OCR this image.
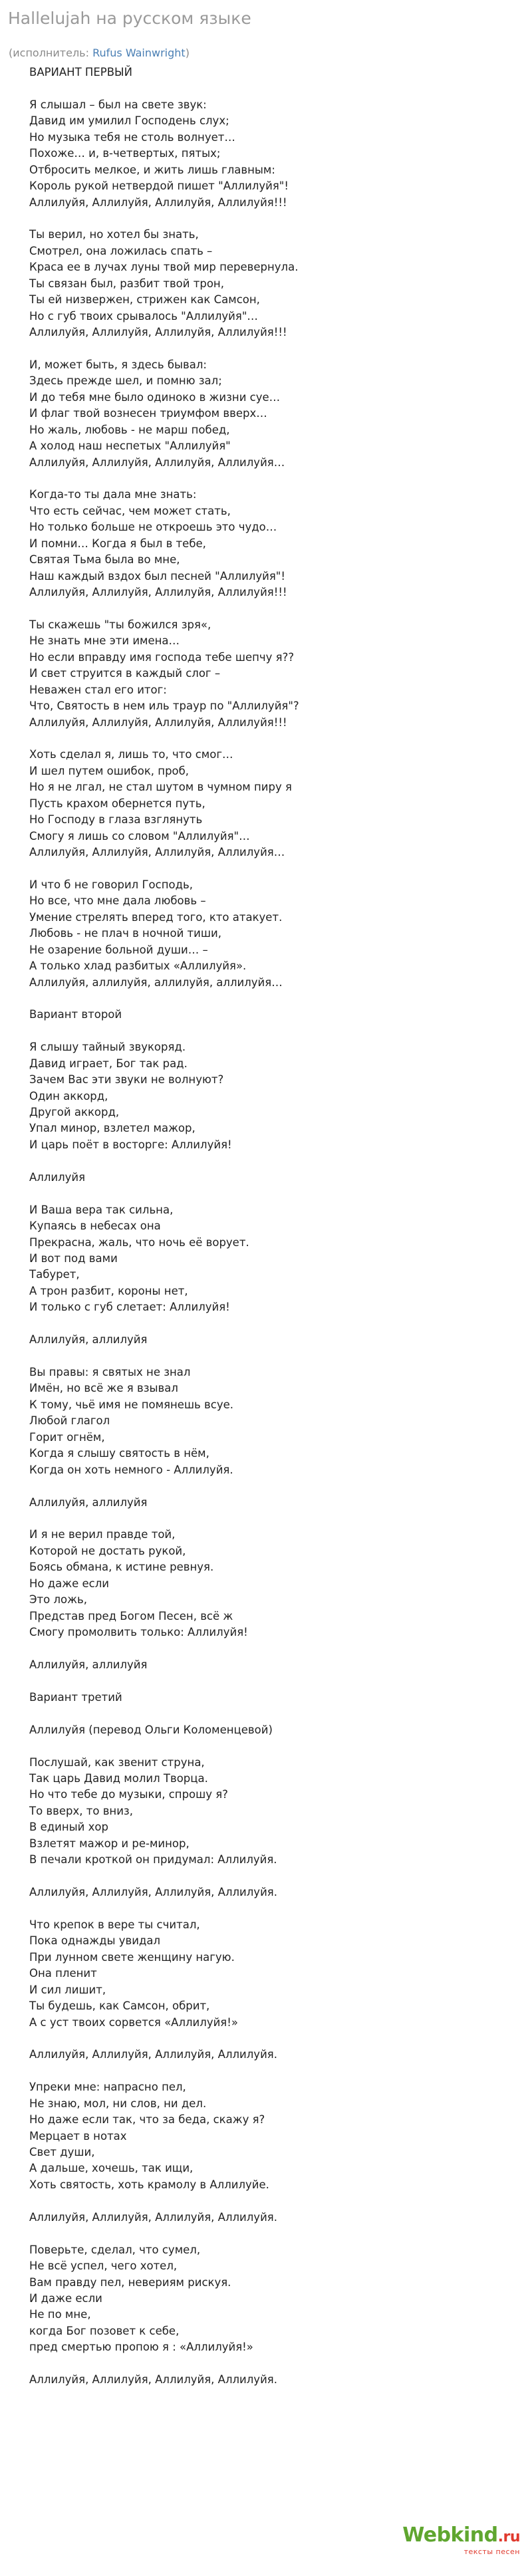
Hallelujah на русском языке
(исполнитель: Rufus Wainwright)
ВАРИАНТ ПЕРВЫЙ
Я слышал – был на свете звук:
Давид им умилил Господень слух;
Но музыка тебя не столь волнует…
Похоже… и, в-четвертых, пятых;
Отбросить мелкое, и жить лишь главным:
Король рукой нетвердой пишет "Аллилуйя"!
Аллилуйя, Аллилуйя, Аллилуйя, Аллилуйя!!!
Ты верил, но хотел бы знать,
Смотрел, она ложилась спать –
Краса ее в лучах луны твой мир перевернула.
Ты связан был, разбит твой трон,
Ты ей низвержен, стрижен как Самсон,
Но с губ твоих срывалось "Аллилуйя"…
Аллилуйя, Аллилуйя, Аллилуйя, Аллилуйя!!!
И, может быть, я здесь бывал:
Здесь прежде шел, и помню зал;
И до тебя мне было одиноко в жизни суе…
И флаг твой вознесен триумфом вверх…
Но жаль, любовь - не марш побед,
А холод наш неспетых "Аллилуйя"
Аллилуйя, Аллилуйя, Аллилуйя, Аллилуйя…
Когда-то ты дала мне знать:
Что есть сейчас, чем может стать,
Но только больше не откроешь это чудо…
И помни… Когда я был в тебе,
Святая Тьма была во мне,
Наш каждый вздох был песней "Аллилуйя"!
Аллилуйя, Аллилуйя, Аллилуйя, Аллилуйя!!!
Ты скажешь "ты божился зря«,
Не знать мне эти имена…
Но если вправду имя господа тебе шепчу я??
И свет струится в каждый слог –
Неважен стал его итог:
Что, Святость в нем иль траур по "Аллилуйя"?
Аллилуйя, Аллилуйя, Аллилуйя, Аллилуйя!!!
Хоть сделал я, лишь то, что смог…
И шел путем ошибок, проб,
Но я не лгал, не стал шутом в чумном пиру я
Пусть крахом обернется путь,
Но Господу в глаза взглянуть
Смогу я лишь со словом "Аллилуйя"…
Аллилуйя, Аллилуйя, Аллилуйя, Аллилуйя…
И что б не говорил Господь,
Но все, что мне дала любовь –
Умение стрелять вперед того, кто атакует.
Любовь - не плач в ночной тиши,
Не озарение больной души… –
А только хлад разбитых «Аллилуйя».
Аллилуйя, аллилуйя, аллилуйя, аллилуйя…
Вариант второй
Я слышу тайный звукоряд.
Давид играет, Бог так рад.
Зачем Вас эти звуки не волнуют?
Один аккорд,
Другой аккорд,
Упал минор, взлетел мажор,
И царь поёт в восторге: Аллилуйя!
Аллилуйя
И Ваша вера так сильна,
Купаясь в небесах она
Прекрасна, жаль, что ночь её ворует.
И вот под вами
Табурет,
А трон разбит, короны нет,
И только с губ слетает: Аллилуйя!
Аллилуйя, аллилуйя
Вы правы: я святых не знал
Имён, но всё же я взывал
К тому, чьё имя не помянешь всуе.
Любой глагол
Горит огнём,
Когда я слышу святость в нём,
Когда он хоть немного - Аллилуйя.
Аллилуйя, аллилуйя
И я не верил правде той,
Которой не достать рукой,
Боясь обмана, к истине ревнуя.
Но даже если
Это ложь,
Представ пред Богом Песен, всё ж
Смогу промолвить только: Аллилуйя!
Аллилуйя, аллилуйя
Вариант третий
Аллилуйя (перевод Ольги Коломенцевой)
Послушай, как звенит струна,
Так царь Давид молил Творца.
Но что тебе до музыки, спрошу я?
То вверх, то вниз,
В единый хор
Взлетят мажор и ре-минор,
В печали кроткой он придумал: Аллилуйя.
Аллилуйя, Аллилуйя, Аллилуйя, Аллилуйя.
Что крепок в вере ты считал,
Пока однажды увидал
При лунном свете женщину нагую.
Она пленит
И сил лишит,
Ты будешь, как Самсон, обрит,
А с уст твоих сорвется «Аллилуйя!»
Аллилуйя, Аллилуйя, Аллилуйя, Аллилуйя.
Упреки мне: напрасно пел,
Не знаю, мол, ни слов, ни дел.
Но даже если так, что за беда, скажу я?
Мерцает в нотах
Свет души,
А дальше, хочешь, так ищи,
Хоть святость, хоть крамолу в Аллилуйе.
Аллилуйя, Аллилуйя, Аллилуйя, Аллилуйя.
Поверьте, сделал, что сумел,
Не всё успел, чего хотел,
Вам правду пел, невериям рискуя.
И даже если
Не по мне,
когда Бог позовет к себе,
пред смертью пропою я : «Аллилуйя!»
Аллилуйя, Аллилуйя, Аллилуйя, Аллилуйя.
Webkind.ru
тексты песен
